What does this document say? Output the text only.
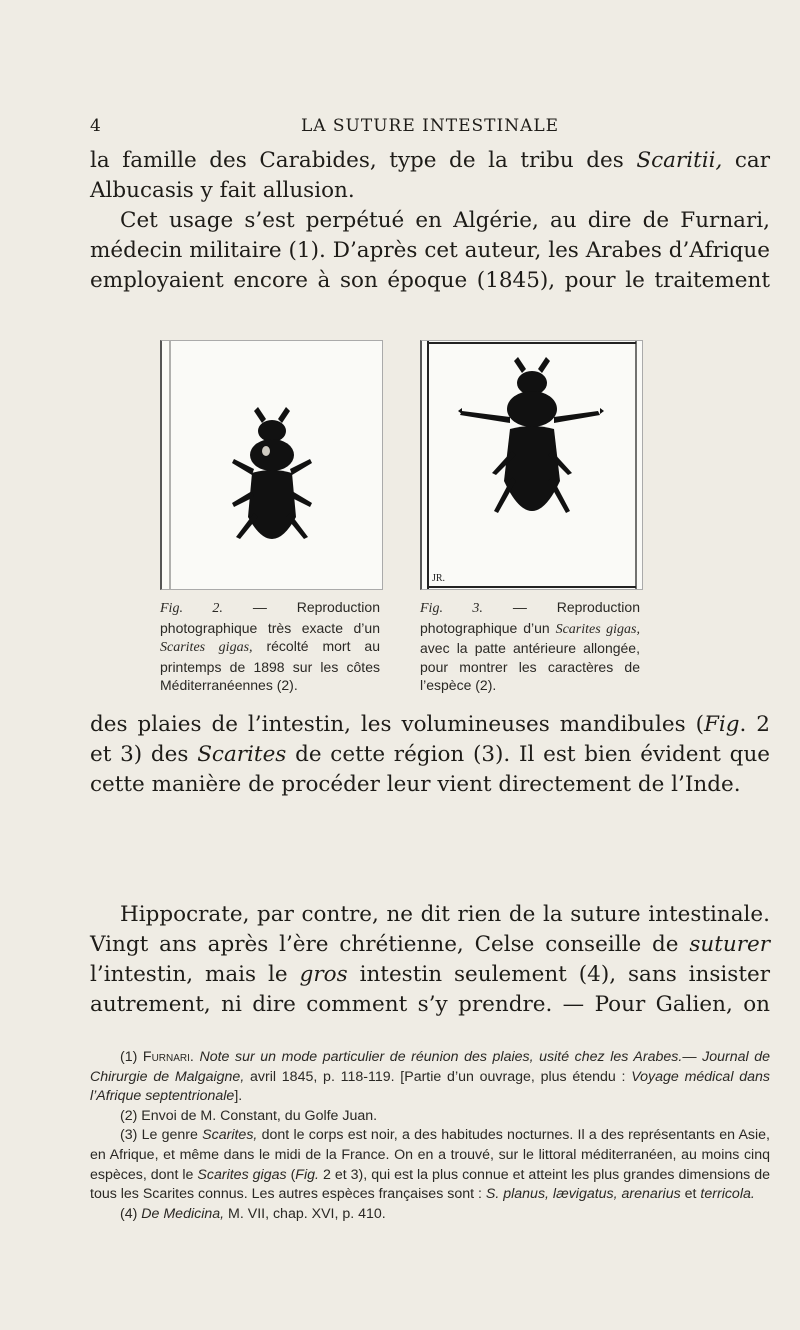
4	LA SUTURE INTESTINALE

la famille des Carabides, type de la tribu des Scaritii, car

Albucasis y fait allusion.

Cet usage s’est perpétué en Algérie, au dire de Furnari,

médecin militaire (1). D’après cet auteur, les Arabes d’Afrique

employaient encore à son époque (1845), pour le traitement

Fig. 2. — Reproduction photographique très exacte d’un Scarites gigas, récolté mort au printemps de 1898 sur les côtes Méditerranéennes (2).
JR.
Fig. 3. — Reproduction photographique d’un Scarites gigas, avec la patte antérieure allongée, pour montrer les caractères de l’espèce (2).

des plaies de l’intestin, les volumineuses mandibules (Fig. 2

et 3) des Scarites de cette région (3). Il est bien évident que

cette manière de procéder leur vient directement de l’Inde.

Hippocrate, par contre, ne dit rien de la suture intestinale.

Vingt ans après l’ère chrétienne, Celse conseille de suturer

l’intestin, mais le gros intestin seulement (4), sans insister

autrement, ni dire comment s’y prendre. — Pour Galien, on

(1) Furnari. Note sur un mode particulier de réunion des plaies, usité chez les Arabes.— Journal de Chirurgie de Malgaigne, avril 1845, p. 118-119. [Partie d’un ouvrage, plus étendu : Voyage médical dans l’Afrique septentrionale].

(2) Envoi de M. Constant, du Golfe Juan.

(3) Le genre Scarites, dont le corps est noir, a des habitudes nocturnes. Il a des représentants en Asie, en Afrique, et même dans le midi de la France. On en a trouvé, sur le littoral méditerranéen, au moins cinq espèces, dont le Scarites gigas (Fig. 2 et 3), qui est la plus connue et atteint les plus grandes dimensions de tous les Scarites connus. Les autres espèces françaises sont : S. planus, lævigatus, arenarius et terricola.

(4) De Medicina, M. VII, chap. XVI, p. 410.
